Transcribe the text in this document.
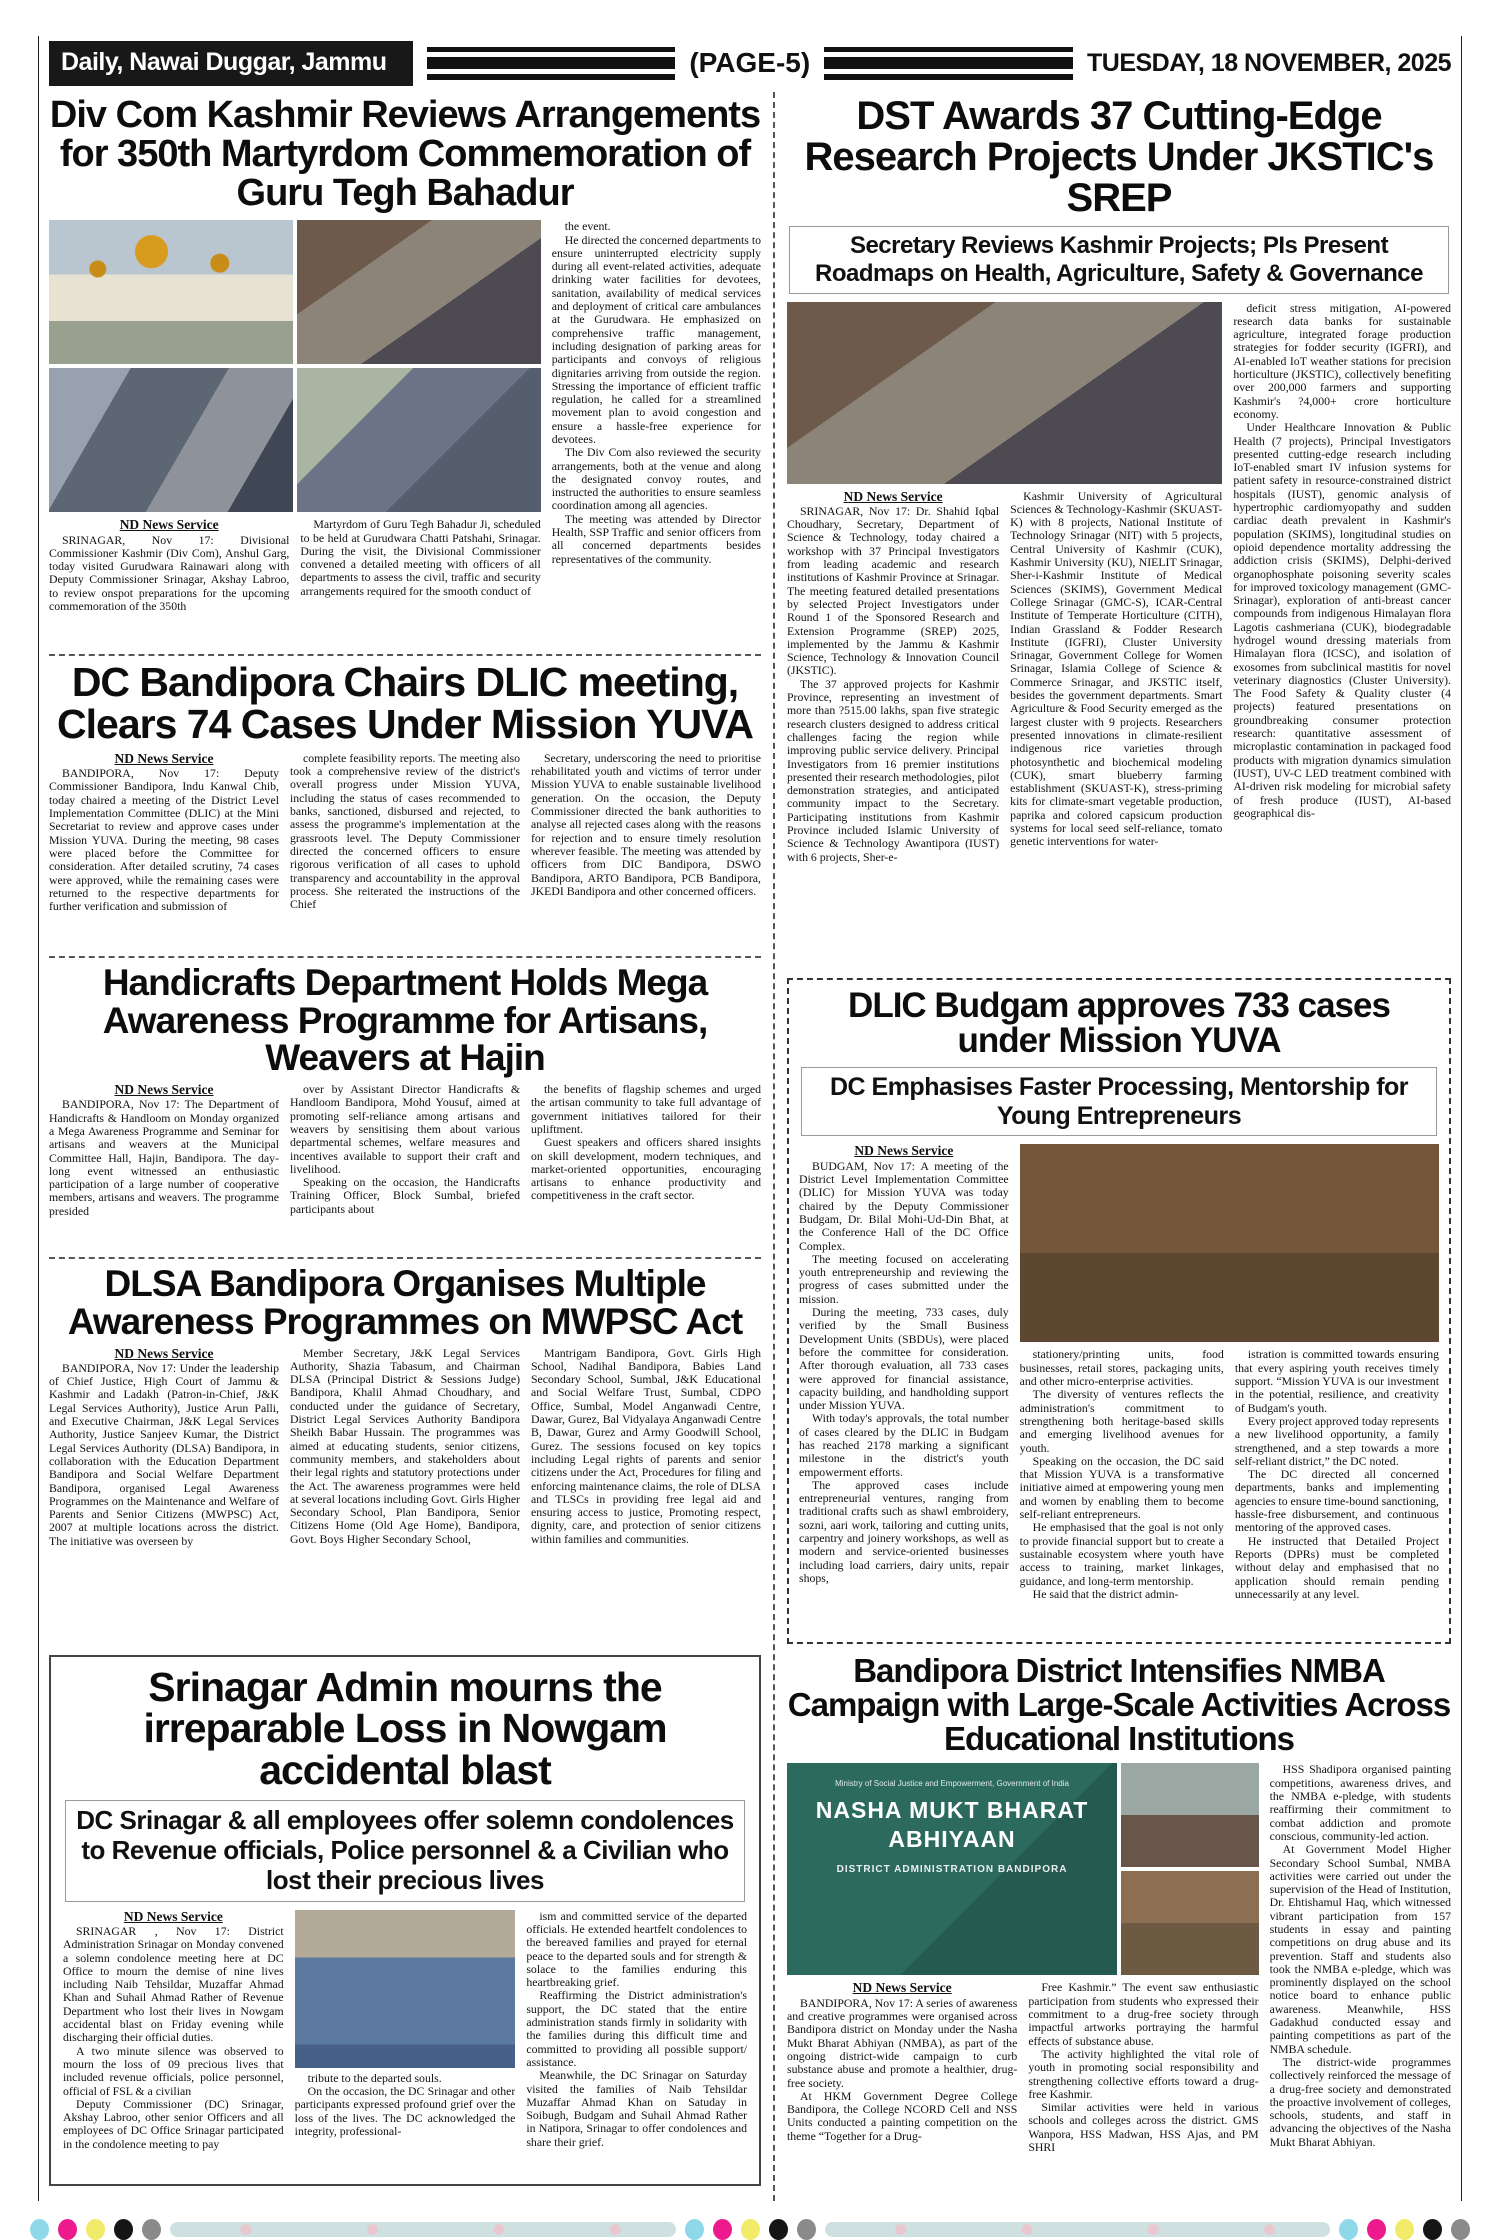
Daily, Nawai Duggar, Jammu	(PAGE-5)	TUESDAY, 18 NOVEMBER, 2025
Div Com Kashmir Reviews Arrangements for 350th Martyrdom Commemoration of Guru Tegh Bahadur
ND News Service

SRINAGAR, Nov 17: Divisional Commissioner Kashmir (Div Com), Anshul Garg, today visited Gurudwara Rainawari along with Deputy Commissioner Srinagar, Akshay Labroo, to review onspot preparations for the upcoming commemoration of the 350th

Martyrdom of Guru Tegh Bahadur Ji, scheduled to be held at Gurudwara Chatti Patshahi, Srinagar. During the visit, the Divisional Commissioner convened a detailed meeting with officers of all departments to assess the civil, traffic and security arrangements required for the smooth conduct of

the event.

He directed the concerned departments to ensure uninterrupted electricity supply during all event-related activities, adequate drinking water facilities for devotees, sanitation, availability of medical services and deployment of critical care ambulances at the Gurudwara. He emphasized on comprehensive traffic management, including designation of parking areas for participants and convoys of religious dignitaries arriving from outside the region. Stressing the importance of efficient traffic regulation, he called for a streamlined movement plan to avoid congestion and ensure a hassle-free experience for devotees.

The Div Com also reviewed the security arrangements, both at the venue and along the designated convoy routes, and instructed the authorities to ensure seamless coordination among all agencies.

The meeting was attended by Director Health, SSP Traffic and senior officers from all concerned departments besides representatives of the community.

DC Bandipora Chairs DLIC meeting, Clears 74 Cases Under Mission YUVA
ND News Service

BANDIPORA, Nov 17: Deputy Commissioner Bandipora, Indu Kanwal Chib, today chaired a meeting of the District Level Implementation Committee (DLIC) at the Mini Secretariat to review and approve cases under Mission YUVA. During the meeting, 98 cases were placed before the Committee for consideration. After detailed scrutiny, 74 cases were approved, while the remaining cases were returned to the respective departments for further verification and submission of

complete feasibility reports. The meeting also took a comprehensive review of the district's overall progress under Mission YUVA, including the status of cases recommended to banks, sanctioned, disbursed and rejected, to assess the programme's implementation at the grassroots level. The Deputy Commissioner directed the concerned officers to ensure rigorous verification of all cases to uphold transparency and accountability in the approval process. She reiterated the instructions of the Chief

Secretary, underscoring the need to prioritise rehabilitated youth and victims of terror under Mission YUVA to enable sustainable livelihood generation. On the occasion, the Deputy Commissioner directed the bank authorities to analyse all rejected cases along with the reasons for rejection and to ensure timely resolution wherever feasible. The meeting was attended by officers from DIC Bandipora, DSWO Bandipora, ARTO Bandipora, PCB Bandipora, JKEDI Bandipora and other concerned officers.

Handicrafts Department Holds Mega Awareness Programme for Artisans, Weavers at Hajin
ND News Service

BANDIPORA, Nov 17: The Department of Handicrafts & Handloom on Monday organized a Mega Awareness Programme and Seminar for artisans and weavers at the Municipal Committee Hall, Hajin, Bandipora. The day-long event witnessed an enthusiastic participation of a large number of cooperative members, artisans and weavers. The programme presided

over by Assistant Director Handicrafts & Handloom Bandipora, Mohd Yousuf, aimed at promoting self-reliance among artisans and weavers by sensitising them about various departmental schemes, welfare measures and incentives available to support their craft and livelihood.

Speaking on the occasion, the Handicrafts Training Officer, Block Sumbal, briefed participants about

the benefits of flagship schemes and urged the artisan community to take full advantage of government initiatives tailored for their upliftment.

Guest speakers and officers shared insights on skill development, modern techniques, and market-oriented opportunities, encouraging artisans to enhance productivity and competitiveness in the craft sector.

DLSA Bandipora Organises Multiple Awareness Programmes on MWPSC Act
ND News Service

BANDIPORA, Nov 17: Under the leadership of Chief Justice, High Court of Jammu & Kashmir and Ladakh (Patron-in-Chief, J&K Legal Services Authority), Justice Arun Palli, and Executive Chairman, J&K Legal Services Authority, Justice Sanjeev Kumar, the District Legal Services Authority (DLSA) Bandipora, in collaboration with the Education Department Bandipora and Social Welfare Department Bandipora, organised Legal Awareness Programmes on the Maintenance and Welfare of Parents and Senior Citizens (MWPSC) Act, 2007 at multiple locations across the district. The initiative was overseen by

Member Secretary, J&K Legal Services Authority, Shazia Tabasum, and Chairman DLSA (Principal District & Sessions Judge) Bandipora, Khalil Ahmad Choudhary, and conducted under the guidance of Secretary, District Legal Services Authority Bandipora Sheikh Babar Hussain. The programmes was aimed at educating students, senior citizens, community members, and stakeholders about their legal rights and statutory protections under the Act. The awareness programmes were held at several locations including Govt. Girls Higher Secondary School, Plan Bandipora, Senior Citizens Home (Old Age Home), Bandipora, Govt. Boys Higher Secondary School,

Mantrigam Bandipora, Govt. Girls High School, Nadihal Bandipora, Babies Land Secondary School, Sumbal, J&K Educational and Social Welfare Trust, Sumbal, CDPO Office, Sumbal, Model Anganwadi Centre, Dawar, Gurez, Bal Vidyalaya Anganwadi Centre B, Dawar, Gurez and Army Goodwill School, Gurez. The sessions focused on key topics including Legal rights of parents and senior citizens under the Act, Procedures for filing and enforcing maintenance claims, the role of DLSA and TLSCs in providing free legal aid and ensuring access to justice, Promoting respect, dignity, care, and protection of senior citizens within families and communities.

Srinagar Admin mourns the irreparable Loss in Nowgam accidental blast
DC Srinagar & all employees offer solemn condolences to Revenue officials, Police personnel & a Civilian who lost their precious lives
ND News Service

SRINAGAR , Nov 17: District Administration Srinagar on Monday convened a solemn condolence meeting here at DC Office to mourn the demise of nine lives including Naib Tehsildar, Muzaffar Ahmad Khan and Suhail Ahmad Rather of Revenue Department who lost their lives in Nowgam accidental blast on Friday evening while discharging their official duties.

A two minute silence was observed to mourn the loss of 09 precious lives that included revenue officials, police personnel, official of FSL & a civilian

Deputy Commissioner (DC) Srinagar, Akshay Labroo, other senior Officers and all employees of DC Office Srinagar participated in the condolence meeting to pay

tribute to the departed souls.

On the occasion, the DC Srinagar and other participants expressed profound grief over the loss of the lives. The DC acknowledged the integrity, professional-

ism and committed service of the departed officials. He extended heartfelt condolences to the bereaved families and prayed for eternal peace to the departed souls and for strength & solace to the families enduring this heartbreaking grief.

Reaffirming the District administration's support, the DC stated that the entire administration stands firmly in solidarity with the families during this difficult time and committed to providing all possible support/ assistance.

Meanwhile, the DC Srinagar on Saturday visited the families of Naib Tehsildar Muzaffar Ahmad Khan on Satuday in Soibugh, Budgam and Suhail Ahmad Rather in Natipora, Srinagar to offer condolences and share their grief.

DST Awards 37 Cutting-Edge Research Projects Under JKSTIC's SREP
Secretary Reviews Kashmir Projects; PIs Present Roadmaps on Health, Agriculture, Safety & Governance
ND News Service

SRINAGAR, Nov 17: Dr. Shahid Iqbal Choudhary, Secretary, Department of Science & Technology, today chaired a workshop with 37 Principal Investigators from leading academic and research institutions of Kashmir Province at Srinagar. The meeting featured detailed presentations by selected Project Investigators under Round 1 of the Sponsored Research and Extension Programme (SREP) 2025, implemented by the Jammu & Kashmir Science, Technology & Innovation Council (JKSTIC).

The 37 approved projects for Kashmir Province, representing an investment of more than ?515.00 lakhs, span five strategic research clusters designed to address critical challenges facing the region while improving public service delivery. Principal Investigators from 16 premier institutions presented their research methodologies, pilot demonstration strategies, and anticipated community impact to the Secretary. Participating institutions from Kashmir Province included Islamic University of Science & Technology Awantipora (IUST) with 6 projects, Sher-e-

Kashmir University of Agricultural Sciences & Technology-Kashmir (SKUAST-K) with 8 projects, National Institute of Technology Srinagar (NIT) with 5 projects, Central University of Kashmir (CUK), Kashmir University (KU), NIELIT Srinagar, Sher-i-Kashmir Institute of Medical Sciences (SKIMS), Government Medical College Srinagar (GMC-S), ICAR-Central Institute of Temperate Horticulture (CITH), Indian Grassland & Fodder Research Institute (IGFRI), Cluster University Srinagar, Government College for Women Srinagar, Islamia College of Science & Commerce Srinagar, and JKSTIC itself, besides the government departments. Smart Agriculture & Food Security emerged as the largest cluster with 9 projects. Researchers presented innovations in climate-resilient indigenous rice varieties through photosynthetic and biochemical modeling (CUK), smart blueberry farming establishment (SKUAST-K), stress-priming kits for climate-smart vegetable production, paprika and colored capsicum production systems for local seed self-reliance, tomato genetic interventions for water-

deficit stress mitigation, AI-powered research data banks for sustainable agriculture, integrated forage production strategies for fodder security (IGFRI), and AI-enabled IoT weather stations for precision horticulture (JKSTIC), collectively benefiting over 200,000 farmers and supporting Kashmir's ?4,000+ crore horticulture economy.

Under Healthcare Innovation & Public Health (7 projects), Principal Investigators presented cutting-edge research including IoT-enabled smart IV infusion systems for patient safety in resource-constrained district hospitals (IUST), genomic analysis of hypertrophic cardiomyopathy and sudden cardiac death prevalent in Kashmir's population (SKIMS), longitudinal studies on opioid dependence mortality addressing the addiction crisis (SKIMS), Delphi-derived organophosphate poisoning severity scales for improved toxicology management (GMC-Srinagar), exploration of anti-breast cancer compounds from indigenous Himalayan flora Lagotis cashmeriana (CUK), biodegradable hydrogel wound dressing materials from Himalayan flora (ICSC), and isolation of exosomes from subclinical mastitis for novel veterinary diagnostics (Cluster University). The Food Safety & Quality cluster (4 projects) featured presentations on groundbreaking consumer protection research: quantitative assessment of microplastic contamination in packaged food products with migration dynamics simulation (IUST), UV-C LED treatment combined with AI-driven risk modeling for microbial safety of fresh produce (IUST), AI-based geographical dis-

DLIC Budgam approves 733 cases under Mission YUVA
DC Emphasises Faster Processing, Mentorship for Young Entrepreneurs
ND News Service

BUDGAM, Nov 17: A meeting of the District Level Implementation Committee (DLIC) for Mission YUVA was today chaired by the Deputy Commissioner Budgam, Dr. Bilal Mohi-Ud-Din Bhat, at the Conference Hall of the DC Office Complex.

The meeting focused on accelerating youth entrepreneurship and reviewing the progress of cases submitted under the mission.

During the meeting, 733 cases, duly verified by the Small Business Development Units (SBDUs), were placed before the committee for consideration. After thorough evaluation, all 733 cases were approved for financial assistance, capacity building, and handholding support under Mission YUVA.

With today's approvals, the total number of cases cleared by the DLIC in Budgam has reached 2178 marking a significant milestone in the district's youth empowerment efforts.

The approved cases include entrepreneurial ventures, ranging from traditional crafts such as shawl embroidery, sozni, aari work, tailoring and cutting units, carpentry and joinery workshops, as well as modern and service-oriented businesses including load carriers, dairy units, repair shops,

stationery/printing units, food businesses, retail stores, packaging units, and other micro-enterprise activities.

The diversity of ventures reflects the administration's commitment to strengthening both heritage-based skills and emerging livelihood avenues for youth.

Speaking on the occasion, the DC said that Mission YUVA is a transformative initiative aimed at empowering young men and women by enabling them to become self-reliant entrepreneurs.

He emphasised that the goal is not only to provide financial support but to create a sustainable ecosystem where youth have access to training, market linkages, guidance, and long-term mentorship.

He said that the district admin-

istration is committed towards ensuring that every aspiring youth receives timely support. “Mission YUVA is our investment in the potential, resilience, and creativity of Budgam's youth.

Every project approved today represents a new livelihood opportunity, a family strengthened, and a step towards a more self-reliant district,” the DC noted.

The DC directed all concerned departments, banks and implementing agencies to ensure time-bound sanctioning, hassle-free disbursement, and continuous mentoring of the approved cases.

He instructed that Detailed Project Reports (DPRs) must be completed without delay and emphasised that no application should remain pending unnecessarily at any level.

Bandipora District Intensifies NMBA Campaign with Large-Scale Activities Across Educational Institutions
Ministry of Social Justice and Empowerment, Government of India
NASHA MUKT BHARAT ABHIYAAN
DISTRICT ADMINISTRATION BANDIPORA
ND News Service

BANDIPORA, Nov 17: A series of awareness and creative programmes were organised across Bandipora district on Monday under the Nasha Mukt Bharat Abhiyan (NMBA), as part of the ongoing district-wide campaign to curb substance abuse and promote a healthier, drug-free society.

At HKM Government Degree College Bandipora, the College NCORD Cell and NSS Units conducted a painting competition on the theme “Together for a Drug-

Free Kashmir.” The event saw enthusiastic participation from students who expressed their commitment to a drug-free society through impactful artworks portraying the harmful effects of substance abuse.

The activity highlighted the vital role of youth in promoting social responsibility and strengthening collective efforts toward a drug-free Kashmir.

Similar activities were held in various schools and colleges across the district. GMS Wanpora, HSS Madwan, HSS Ajas, and PM SHRI

HSS Shadipora organised painting competitions, awareness drives, and the NMBA e-pledge, with students reaffirming their commitment to combat addiction and promote conscious, community-led action.

At Government Model Higher Secondary School Sumbal, NMBA activities were carried out under the supervision of the Head of Institution, Dr. Ehtishamul Haq, which witnessed vibrant participation from 157 students in essay and painting competitions on drug abuse and its prevention. Staff and students also took the NMBA e-pledge, which was prominently displayed on the school notice board to enhance public awareness. Meanwhile, HSS Gadakhud conducted essay and painting competitions as part of the NMBA schedule.

The district-wide programmes collectively reinforced the message of a drug-free society and demonstrated the proactive involvement of colleges, schools, students, and staff in advancing the objectives of the Nasha Mukt Bharat Abhiyan.
